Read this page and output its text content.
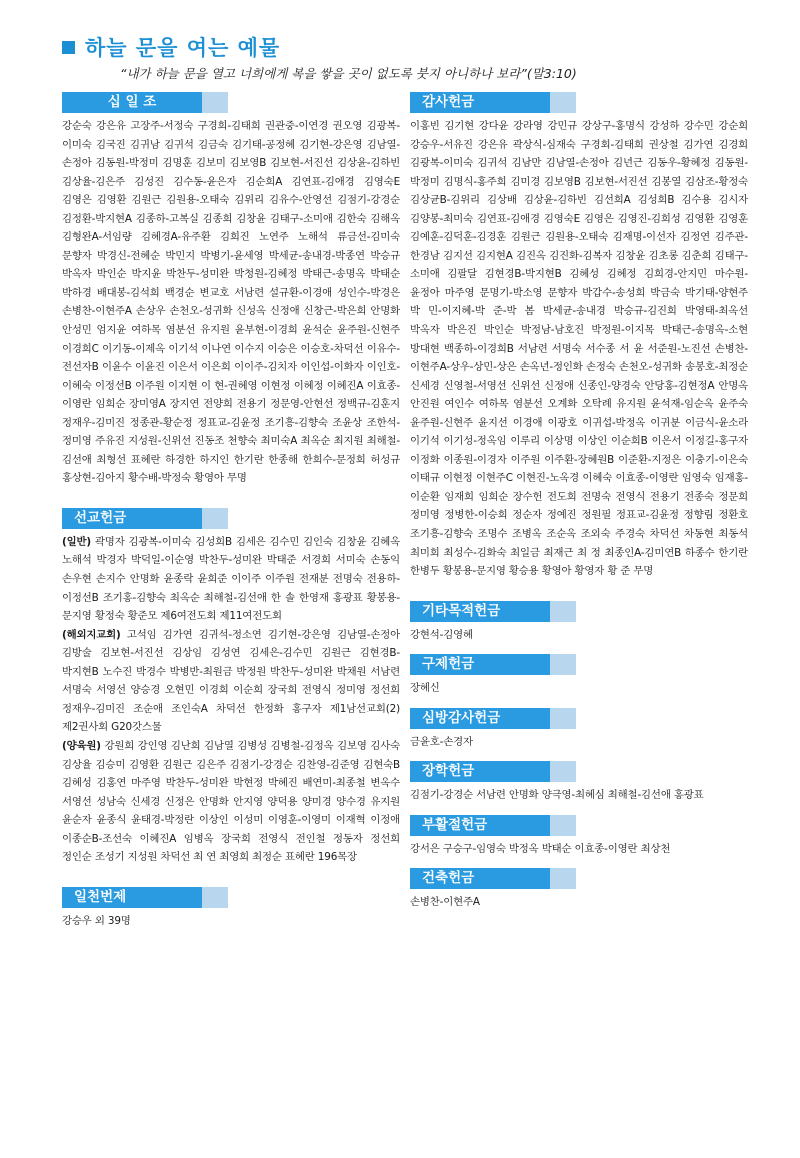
하늘 문을 여는 예물
“내가 하늘 문을 열고 너희에게 복을 쌓을 곳이 없도록 붓지 아니하나 보라”(말3:10)
십 일 조
강순숙 강은유 고장주-서정숙 구경희-김태희 권관중-이연경 권오영 김광복-이미숙 김국진 김귀남 김귀석 김금숙 김기태-공정혜 김기현-강은영 김남열-손정아 김동원-박정미 김명훈 김보미 김보영B 김보현-서진선 김상윤-김하빈 김상율-김은주 김성진 김수동-윤은자 김순희A 김연표-김애경 김영숙E 김영은 김영환 김원근 김원용-오태숙 김위리 김유수-안영선 김점기-강경순 김정환-박지현A 김종하-고복실 김종희 김창윤 김태구-소미애 김한숙 김해옥 김형완A-서임량 김혜경A-유주환 김희진 노연주 노해석 류금선-김미숙 문향자 박경신-전혜순 박민지 박병기-윤세영 박세균-송내경-박종연 박승규 박옥자 박인순 박지윤 박찬두-성미완 박청원-김혜정 박태근-송명옥 박태순 박하경 배대봉-김석희 백경순 변교호 서남련 설규환-이경애 성인수-박경은 손병찬-이현주A 손상우 손천오-성귀화 신성옥 신정애 신창근-박은희 안명화 안성민 엄지윤 여하목 염분선 유지원 윤부현-이경희 윤석순 윤주원-신현주 이경희C 이기동-이제옥 이기석 이나연 이수지 이승은 이승호-차덕선 이유수-전선자B 이윤수 이윤진 이은서 이은희 이이주-김치자 이인섭-이화자 이인호-이혜숙 이정선B 이주원 이지현 이 현-권혜영 이현정 이혜정 이혜진A 이효종-이영란 임희순 장미영A 장지연 전양희 전용기 정문영-안현선 정백규-김훈지 정재우-김미진 정종관-황순정 정표교-김윤정 조기흥-김향숙 조윤상 조한석-정미영 주유진 지성원-신위선 진동조 천향숙 최미숙A 최옥순 최지원 최해철-김선애 최형선 표혜란 하경한 하지인 한기란 한종해 한희수-문정희 허성규 홍상현-김아지 황수배-박정숙 황영아 무명
선교헌금
(일반) 곽명자 김광복-이미숙 김성희B 김세은 김수민 김인숙 김창윤 김혜옥 노해석 박경자 박덕일-이순영 박찬두-성미완 박태준 서경희 서미숙 손동익 손우현 손지수 안명화 윤종락 윤희준 이이주 이주원 전재분 전명숙 전용하-이정선B 조기홍-김향숙 최옥순 최해철-김선애 한 솔 한영재 홍광표 황봉용-문지영 황정숙 황준모 제6여전도회 제11여전도회
(해외지교회) 고석임 김가연 김귀석-정소연 김기현-강은영 김남열-손정아 김방술 김보현-서진선 김상임 김성연 김세은-김수민 김원근 김현경B-박지현B 노수진 박경수 박병반-최원금 박정원 박찬두-성미완 박채원 서남련 서명숙 서영선 양승경 오현민 이경희 이순희 장국희 전영식 정미영 정선희 정재우-김미진 조순애 조인숙A 차덕선 한정화 홍구자 제1남선교회(2) 제2권사회 G20갓스물
(양육원) 강원희 강인영 김난희 김남열 김병성 김병철-김정옥 김보영 김사숙 김상율 김승미 김영환 김원근 김은주 김점기-강경순 김찬영-김준영 김현숙B 김혜성 김홍연 마주영 박찬두-성미완 박현정 박혜진 배연미-최종철 변옥수 서영선 성남숙 신세경 신정은 안명화 안지영 양덕용 양미경 양수경 유지원 윤순자 윤종식 윤태경-박정란 이상인 이성미 이영훈-이영미 이재혁 이정애 이종순B-조선숙 이혜진A 임병옥 장국희 전영식 전인철 정동자 정선희 정인순 조성기 지성원 차덕선 최 연 최영희 최정순 표혜란 196목장
일천번제
강승우 외 39명
감사헌금
이홍빈 김기현 강다윤 강라영 강민규 강상구-홍명식 강성하 강수민 강순희 강승우-서유진 강은유 곽상식-심재숙 구경회-김태희 권상철 김가연 김경희 김광복-이미숙 김귀석 김남만 김남열-손정아 김년근 김동우-황혜정 김동원-박정미 김명식-홍주희 김미경 김보영B 김보현-서진선 김봉열 김삼조-황정숙 김상균B-김위리 김상배 김상윤-김하빈 김선희A 김성희B 김수용 김시자 김양봉-최미숙 김연표-김애경 김영숙E 김영은 김영진-김희성 김영환 김영훈 김예훈-김덕훈-김경훈 김원근 김원용-오태숙 김재명-이선자 김정연 김주관-한경남 김지선 김지현A 김진옥 김진화-김복자 김창윤 김초롱 김춘희 김태구-소미애 김팔달 김현경B-박지현B 김혜성 김혜정 김희경-안지민 마수원-윤정아 마주영 문명기-박소영 문향자 박갑수-송성희 박금숙 박기태-양현주 박 민-이지혜-박 준-박 봄 박세균-송내경 박승규-김진희 박영태-최옥선 박옥자 박은진 박인순 박정남-남호진 박정원-이지목 박태근-송명옥-소현 방대현 백종하-이경희B 서남련 서명숙 서수종 서 윤 서준원-노진선 손병찬-이현주A-상우-상민-상은 손옥년-정인화 손정숙 손천오-성귀화 송봉호-최정순 신세경 신영철-서영선 신위선 신정애 신종인-양경숙 안당홍-김현정A 안명옥 안진원 여인수 여하목 염분선 오계화 오탁례 유지원 윤석재-임순옥 윤주숙 윤주원-신현주 윤지선 이경애 이광호 이귀섭-박정옥 이귀분 이금식-윤소라 이기석 이기성-정옥임 이루리 이상명 이상인 이순희B 이은서 이정길-홍구자 이정화 이종원-이경자 이주원 이주환-장혜원B 이준환-지정은 이충기-이은숙 이태규 이현정 이현주C 이현진-노옥경 이혜숙 이효종-이영란 임영숙 임재홍-이순환 임재희 임희순 장수헌 전도희 전명숙 전영식 전용기 전종숙 정문희 정미영 정병한-이승희 정순자 정예진 정원필 정표교-김윤정 정향림 정환호 조기흥-김향숙 조명수 조병옥 조순옥 조외숙 주경숙 차덕선 차동현 최동석 최미희 최성수-김화숙 최일금 최재근 최 정 최종인A-김미연B 하종수 한기란 한병두 황봉용-문지영 황승용 황영아 황영자 황 준 무명
기타목적헌금
강현석-김영혜
구제헌금
장혜신
심방감사헌금
금윤호-손경자
장학헌금
김점기-강경순 서남련 안명화 양극영-최혜심 최해철-김선애 홍광표
부활절헌금
강서은 구승구-임영숙 박정옥 박태순 이효종-이영란 최상천
건축헌금
손병찬-이현주A
